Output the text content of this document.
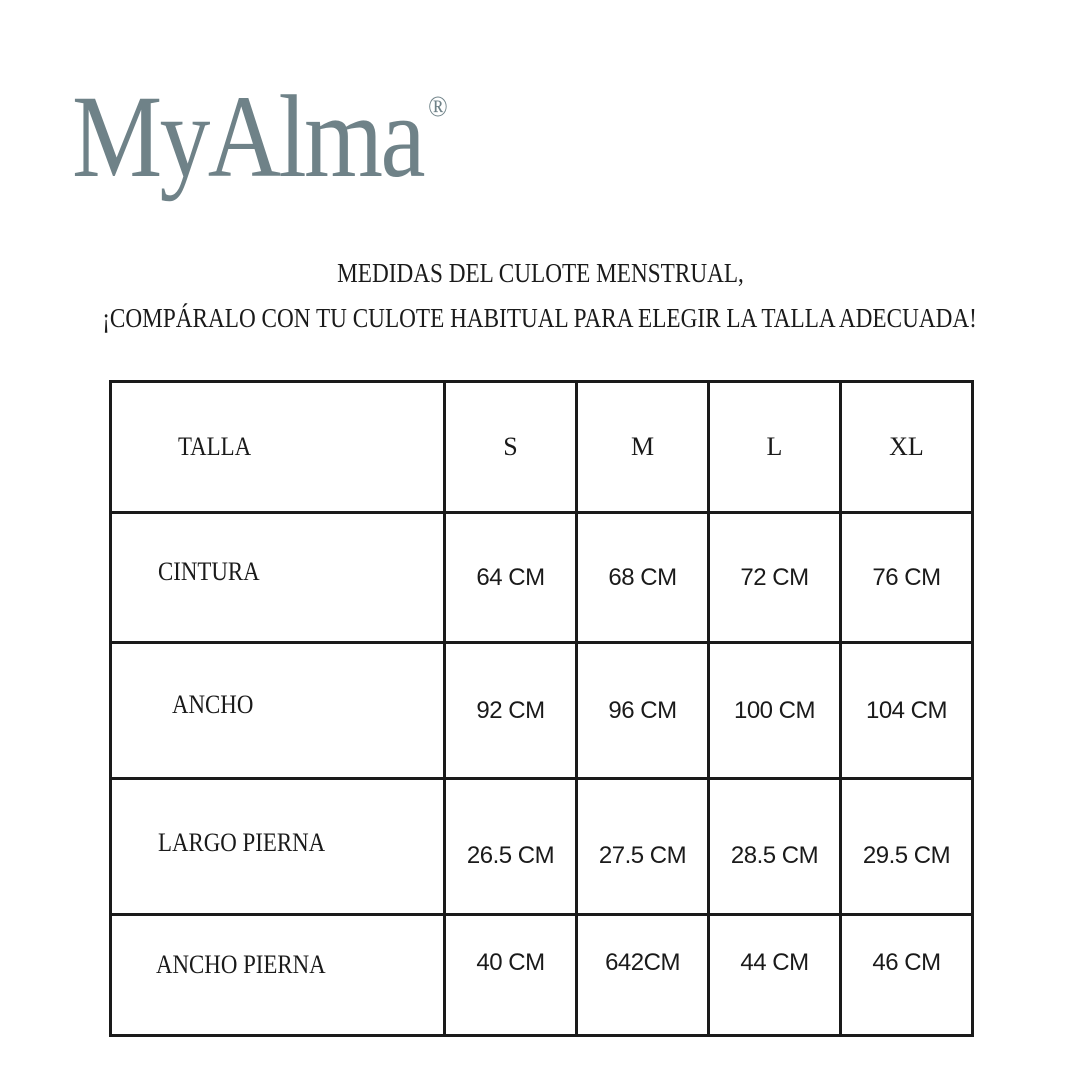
MyAlma ®
MEDIDAS DEL CULOTE MENSTRUAL,
¡COMPÁRALO CON TU CULOTE HABITUAL PARA ELEGIR LA TALLA ADECUADA!
TALLA	S	M	L	XL
CINTURA	64 CM	68 CM	72 CM	76 CM
ANCHO	92 CM	96 CM	100 CM	104 CM
LARGO PIERNA	26.5 CM	27.5 CM	28.5 CM	29.5 CM
ANCHO PIERNA	40 CM	642CM	44 CM	46 CM
